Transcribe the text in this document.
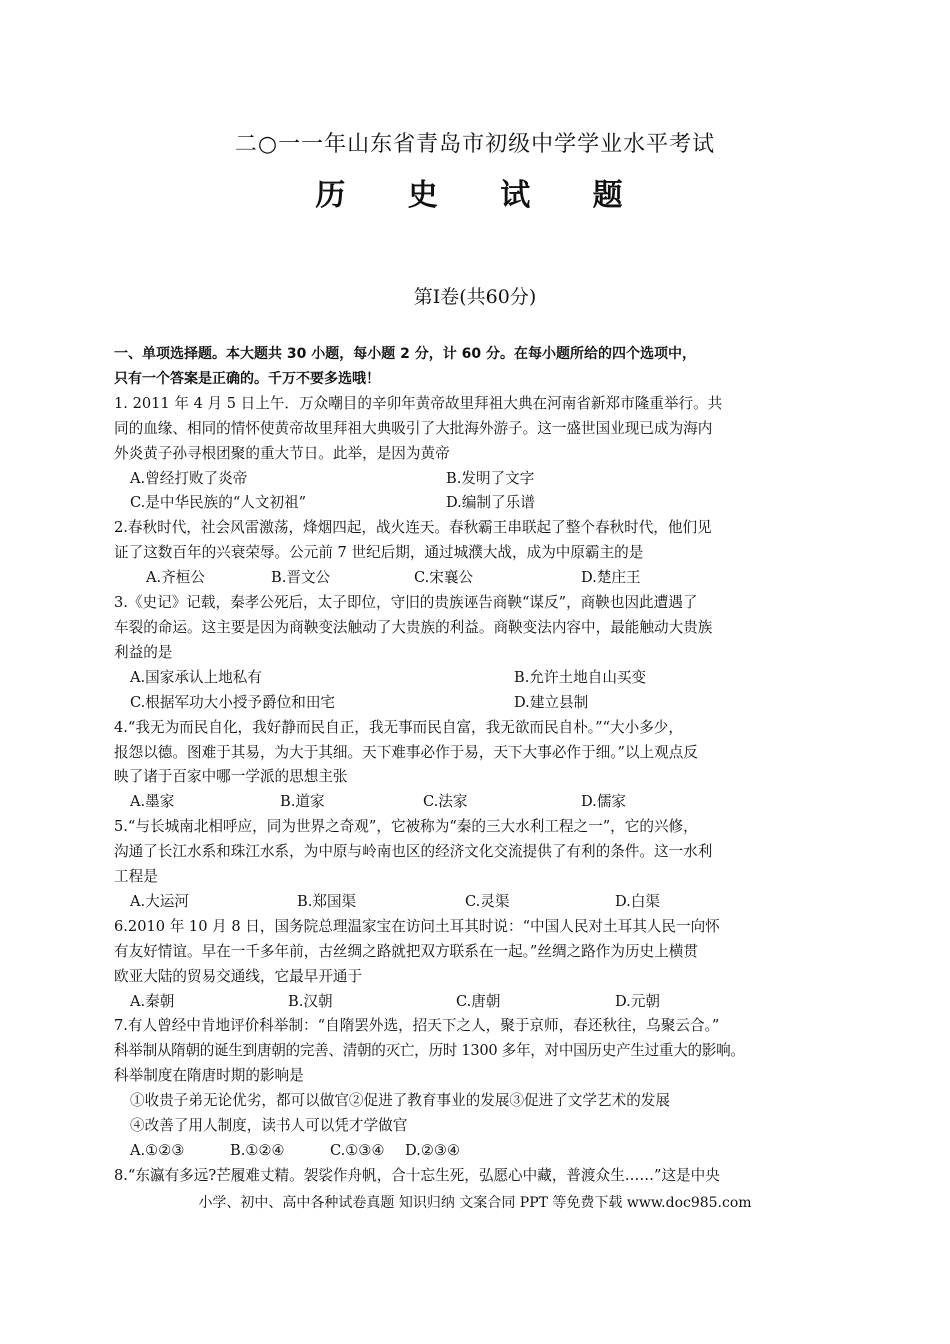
二○一一年山东省青岛市初级中学学业水平考试
历 史 试 题
第Ⅰ卷(共60分)

一、单项选择题。本大题共 30 小题，每小题 2 分，计 60 分。在每小题所给的四个选项中，

只有一个答案是正确的。千万不要多选哦！

1. 2011 年 4 月 5 日上午．万众嘲目的辛卯年黄帝故里拜祖大典在河南省新郑市隆重举行。共

同的血缘、相同的情怀使黄帝故里拜祖大典吸引了大批海外游子。这一盛世国业现已成为海内

外炎黄子孙寻根团聚的重大节日。此举，是因为黄帝

A.曾经打败了炎帝	B.发明了文字
C.是中华民族的“人文初祖”	D.编制了乐谱

2.春秋时代，社会风雷激荡，烽烟四起，战火连天。春秋霸王串联起了整个春秋时代，他们见

证了这数百年的兴衰荣辱。公元前 7 世纪后期，通过城濮大战，成为中原霸主的是

A.齐桓公	B.晋文公	C.宋襄公	D.楚庄王

3.《史记》记载，秦孝公死后，太子即位，守旧的贵族诬告商鞅“谋反”，商鞅也因此遭遇了

车裂的命运。这主要是因为商鞅变法触动了大贵族的利益。商鞅变法内容中，最能触动大贵族

利益的是

A.国家承认上地私有	B.允许土地自山买变
C.根据军功大小授予爵位和田宅	D.建立县制

4.“我无为而民自化，我好静而民自正，我无事而民自富，我无欲而民自朴。”“大小多少，

报怨以德。图难于其易，为大于其细。天下难事必作于易，天下大事必作于细。”以上观点反

映了诸于百家中哪一学派的思想主张

A.墨家	B.道家	C.法家	D.儒家

5.“与长城南北相呼应，同为世界之奇观”，它被称为“秦的三大水利工程之一”，它的兴修，

沟通了长江水系和珠江水系，为中原与岭南也区的经济文化交流提供了有利的条件。这一水利

工程是

A.大运河	B.郑国渠	C.灵渠	D.白渠

6.2010 年 10 月 8 日，国务院总理温家宝在访问土耳其时说：“中国人民对土耳其人民一向怀

有友好情谊。早在一千多年前，古丝绸之路就把双方联系在一起。”丝绸之路作为历史上横贯

欧亚大陆的贸易交通线，它最早开通于

A.秦朝	B.汉朝	C.唐朝	D.元朝

7.有人曾经中肯地评价科举制：“自隋罢外选，招天下之人，聚于京师，春还秋往，乌聚云合。”

科举制从隋朝的诞生到唐朝的完善、清朝的灭亡，历时 1300 多年，对中国历史产生过重大的影响。

科举制度在隋唐时期的影响是

①收贵子弟无论优劣，都可以做官②促进了教育事业的发展③促进了文学艺术的发展

④改善了用人制度，读书人可以凭才学做官

A.①②③	B.①②④	C.①③④	D.②③④

8.“东瀛有多远?芒履难丈精。袈裟作舟帆，合十忘生死，弘愿心中藏，普渡众生……”这是中央

小学、初中、高中各种试卷真题 知识归纳 文案合同 PPT 等免费下载 www.doc985.com
